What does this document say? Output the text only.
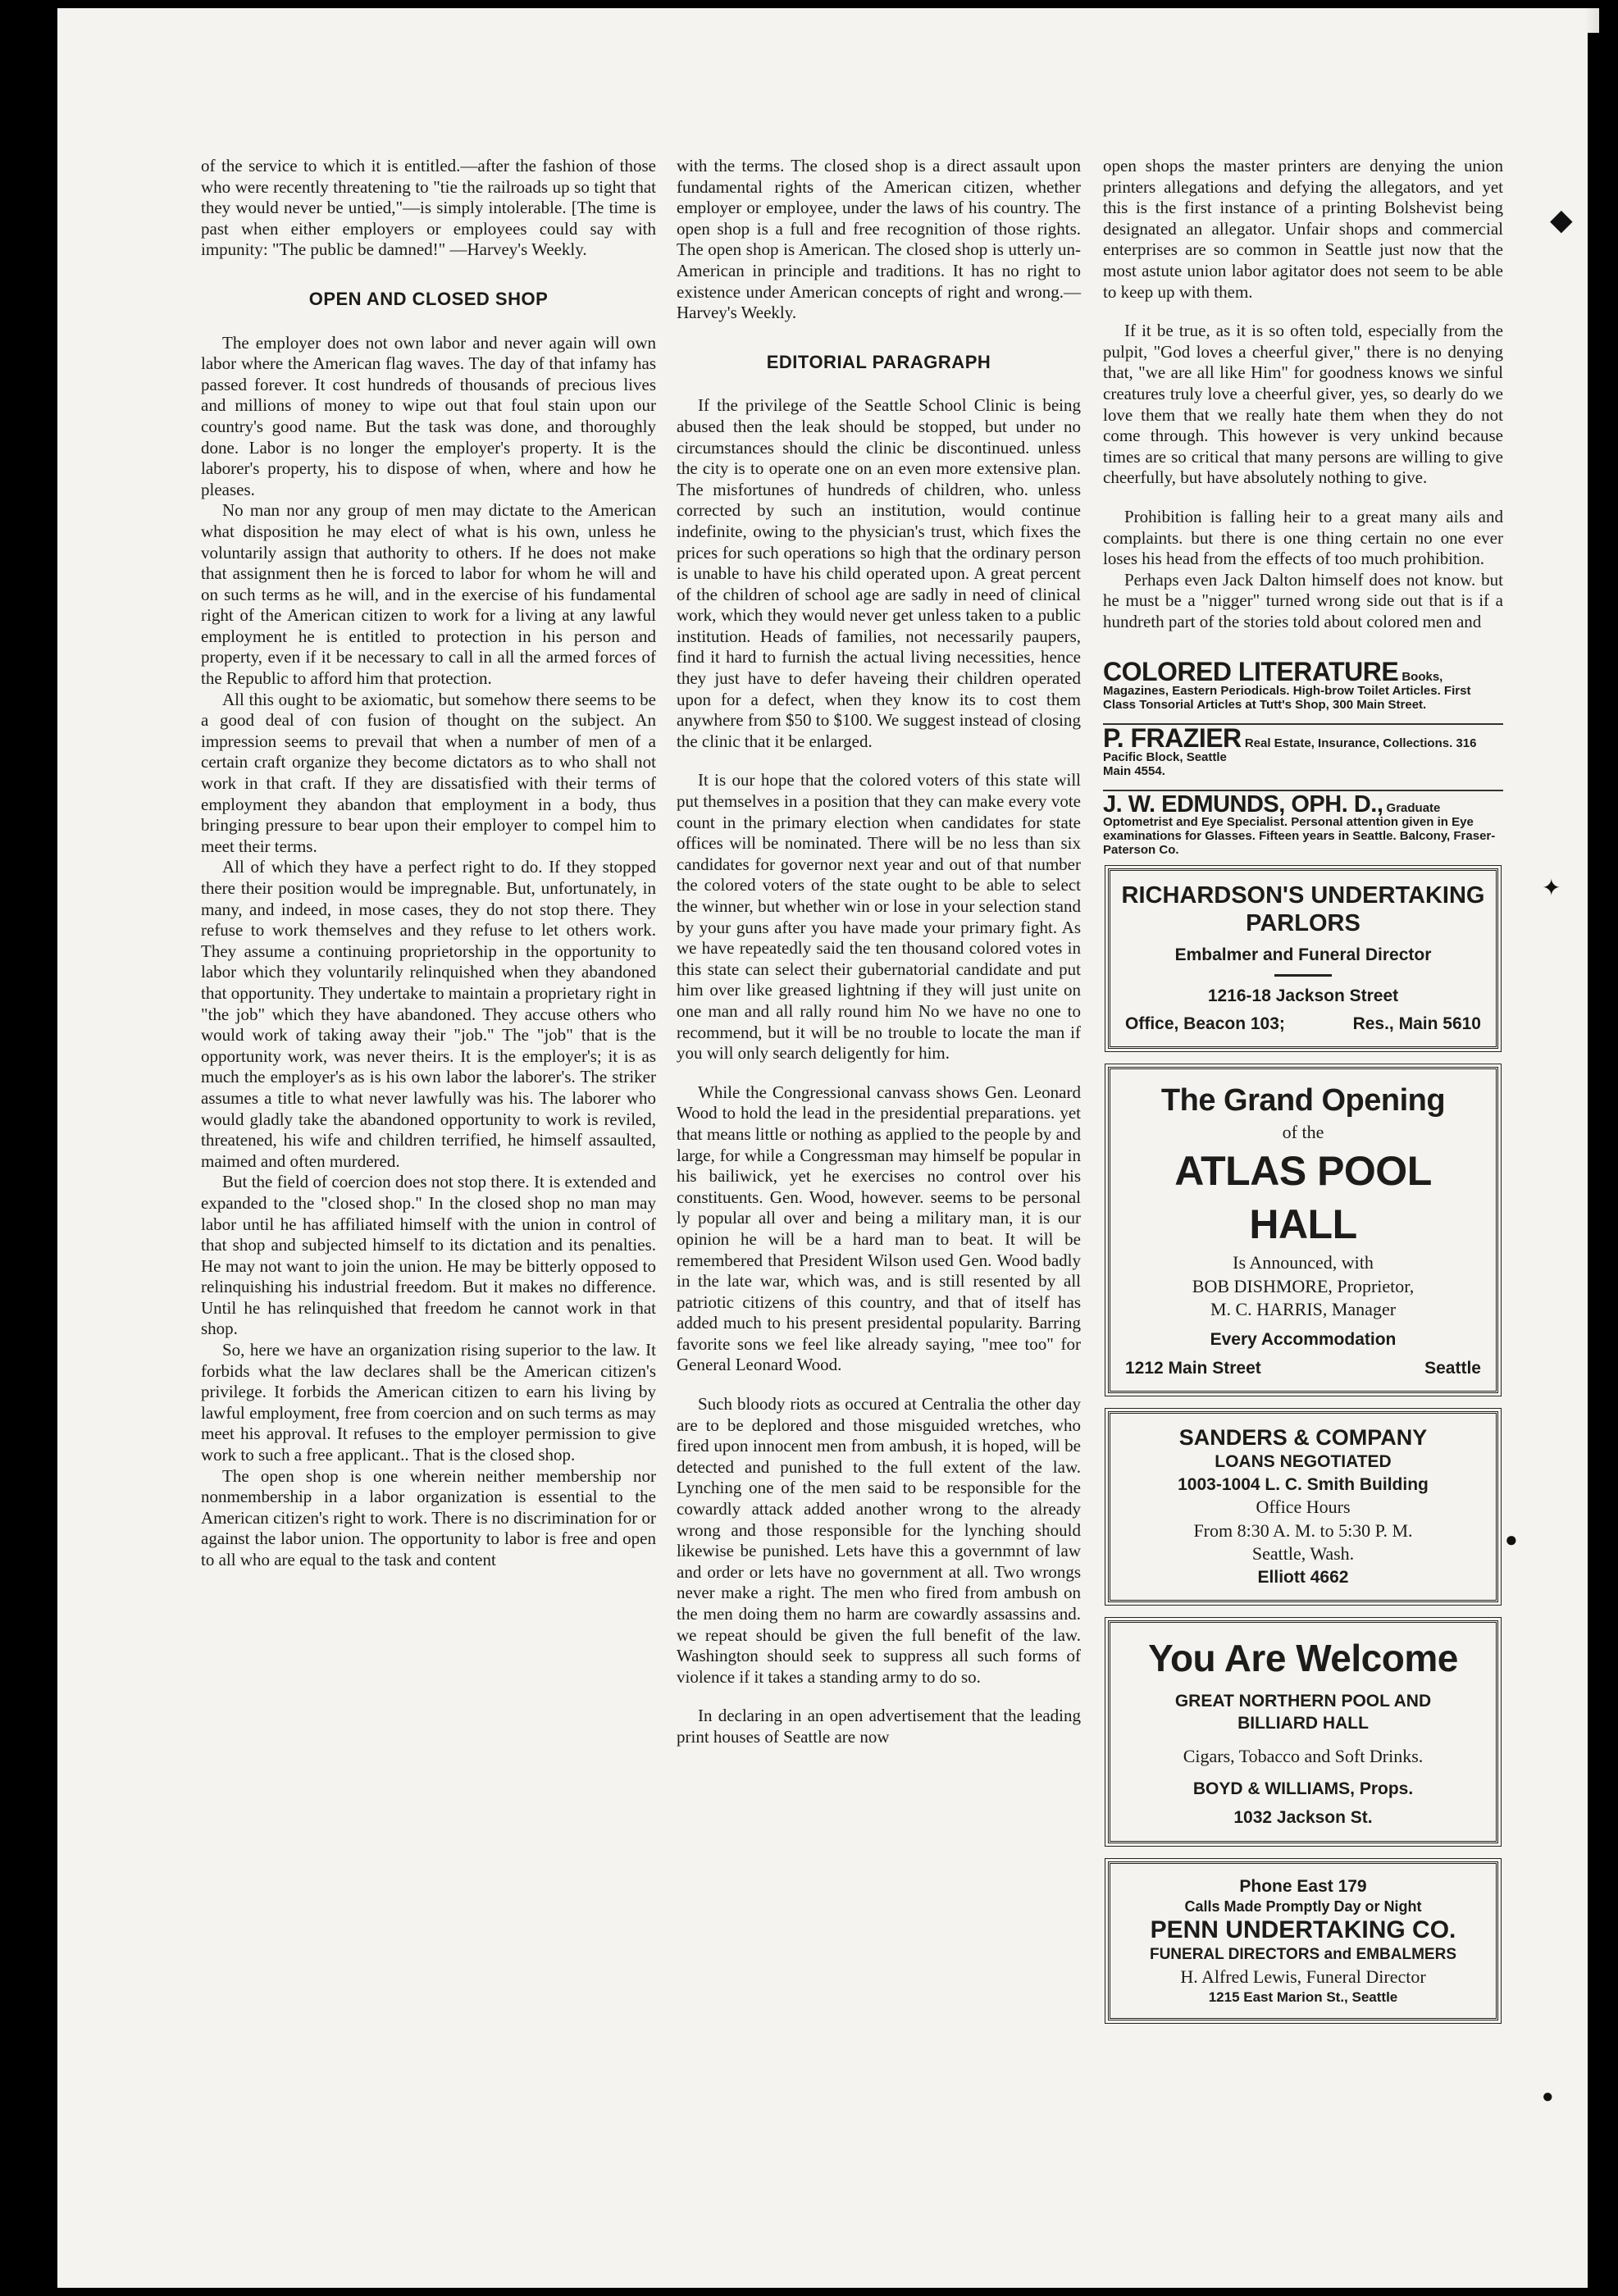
of the service to which it is entitled.—after the fashion of those who were recently threatening to "tie the railroads up so tight that they would never be untied,"—is simply intolerable. [The time is past when either employers or employees could say with impunity: "The public be damned!" —Harvey's Weekly.

OPEN AND CLOSED SHOP

The employer does not own labor and never again will own labor where the American flag waves. The day of that infamy has passed forever. It cost hundreds of thousands of precious lives and millions of money to wipe out that foul stain upon our country's good name. But the task was done, and thoroughly done. Labor is no longer the employer's property. It is the laborer's property, his to dispose of when, where and how he pleases.

No man nor any group of men may dictate to the American what disposition he may elect of what is his own, unless he voluntarily assign that authority to others. If he does not make that assignment then he is forced to labor for whom he will and on such terms as he will, and in the exercise of his fundamental right of the American citizen to work for a living at any lawful employment he is entitled to protection in his person and property, even if it be necessary to call in all the armed forces of the Republic to afford him that protection.

All this ought to be axiomatic, but somehow there seems to be a good deal of con fusion of thought on the subject. An impression seems to prevail that when a number of men of a certain craft organize they become dictators as to who shall not work in that craft. If they are dissatisfied with their terms of employment they abandon that employment in a body, thus bringing pressure to bear upon their employer to compel him to meet their terms.

All of which they have a perfect right to do. If they stopped there their position would be impregnable. But, unfortunately, in many, and indeed, in mose cases, they do not stop there. They refuse to work themselves and they refuse to let others work. They assume a continuing proprietorship in the opportunity to labor which they voluntarily relinquished when they abandoned that opportunity. They undertake to maintain a proprietary right in "the job" which they have abandoned. They accuse others who would work of taking away their "job." The "job" that is the opportunity work, was never theirs. It is the employer's; it is as much the employer's as is his own labor the laborer's. The striker assumes a title to what never lawfully was his. The laborer who would gladly take the abandoned opportunity to work is reviled, threatened, his wife and children terrified, he himself assaulted, maimed and often murdered.

But the field of coercion does not stop there. It is extended and expanded to the "closed shop." In the closed shop no man may labor until he has affiliated himself with the union in control of that shop and subjected himself to its dictation and its penalties. He may not want to join the union. He may be bitterly opposed to relinquishing his industrial freedom. But it makes no difference. Until he has relinquished that freedom he cannot work in that shop.

So, here we have an organization rising superior to the law. It forbids what the law declares shall be the American citizen's privilege. It forbids the American citizen to earn his living by lawful employment, free from coercion and on such terms as may meet his approval. It refuses to the employer permission to give work to such a free applicant.. That is the closed shop.

The open shop is one wherein neither membership nor nonmembership in a labor organization is essential to the American citizen's right to work. There is no discrimination for or against the labor union. The opportunity to labor is free and open to all who are equal to the task and content

with the terms. The closed shop is a direct assault upon fundamental rights of the American citizen, whether employer or employee, under the laws of his country. The open shop is a full and free recognition of those rights. The open shop is American. The closed shop is utterly un-American in principle and traditions. It has no right to existence under American concepts of right and wrong.—Harvey's Weekly.

EDITORIAL PARAGRAPH

If the privilege of the Seattle School Clinic is being abused then the leak should be stopped, but under no circumstances should the clinic be discontinued. unless the city is to operate one on an even more extensive plan. The misfortunes of hundreds of children, who. unless corrected by such an institution, would continue indefinite, owing to the physician's trust, which fixes the prices for such operations so high that the ordinary person is unable to have his child operated upon. A great percent of the children of school age are sadly in need of clinical work, which they would never get unless taken to a public institution. Heads of families, not necessarily paupers, find it hard to furnish the actual living necessities, hence they just have to defer haveing their children operated upon for a defect, when they know its to cost them anywhere from $50 to $100. We suggest instead of closing the clinic that it be enlarged.

It is our hope that the colored voters of this state will put themselves in a position that they can make every vote count in the primary election when candidates for state offices will be nominated. There will be no less than six candidates for governor next year and out of that number the colored voters of the state ought to be able to select the winner, but whether win or lose in your selection stand by your guns after you have made your primary fight. As we have repeatedly said the ten thousand colored votes in this state can select their gubernatorial candidate and put him over like greased lightning if they will just unite on one man and all rally round him No we have no one to recommend, but it will be no trouble to locate the man if you will only search deligently for him.

While the Congressional canvass shows Gen. Leonard Wood to hold the lead in the presidential preparations. yet that means little or nothing as applied to the people by and large, for while a Congressman may himself be popular in his bailiwick, yet he exercises no control over his constituents. Gen. Wood, however. seems to be personal ly popular all over and being a military man, it is our opinion he will be a hard man to beat. It will be remembered that President Wilson used Gen. Wood badly in the late war, which was, and is still resented by all patriotic citizens of this country, and that of itself has added much to his present presidental popularity. Barring favorite sons we feel like already saying, "mee too" for General Leonard Wood.

Such bloody riots as occured at Centralia the other day are to be deplored and those misguided wretches, who fired upon innocent men from ambush, it is hoped, will be detected and punished to the full extent of the law. Lynching one of the men said to be responsible for the cowardly attack added another wrong to the already wrong and those responsible for the lynching should likewise be punished. Lets have this a governmnt of law and order or lets have no government at all. Two wrongs never make a right. The men who fired from ambush on the men doing them no harm are cowardly assassins and. we repeat should be given the full benefit of the law. Washington should seek to suppress all such forms of violence if it takes a standing army to do so.

In declaring in an open advertisement that the leading print houses of Seattle are now

open shops the master printers are denying the union printers allegations and defying the allegators, and yet this is the first instance of a printing Bolshevist being designated an allegator. Unfair shops and commercial enterprises are so common in Seattle just now that the most astute union labor agitator does not seem to be able to keep up with them.

If it be true, as it is so often told, especially from the pulpit, "God loves a cheerful giver," there is no denying that, "we are all like Him" for goodness knows we sinful creatures truly love a cheerful giver, yes, so dearly do we love them that we really hate them when they do not come through. This however is very unkind because times are so critical that many persons are willing to give cheerfully, but have absolutely nothing to give.

Prohibition is falling heir to a great many ails and complaints. but there is one thing certain no one ever loses his head from the effects of too much prohibition.

Perhaps even Jack Dalton himself does not know. but he must be a "nigger" turned wrong side out that is if a hundreth part of the stories told about colored men and

COLORED LITERATURE Books, Magazines, Eastern Periodicals. High-brow Toilet Articles. First Class Tonsorial Articles at Tutt's Shop, 300 Main Street.
P. FRAZIER Real Estate, Insurance, Collections. 316 Pacific Block, Seattle
Main 4554.
J. W. EDMUNDS, OPH. D., Graduate Optometrist and Eye Specialist. Personal attention given in Eye examinations for Glasses. Fifteen years in Seattle. Balcony, Fraser-Paterson Co.
RICHARDSON'S UNDERTAKING
PARLORS
Embalmer and Funeral Director
1216-18 Jackson Street
Office, Beacon 103;	Res., Main 5610
The Grand Opening
of the
ATLAS POOL HALL
Is Announced, with
BOB DISHMORE, Proprietor,
M. C. HARRIS, Manager
Every Accommodation
1212 Main Street	Seattle
SANDERS & COMPANY
LOANS NEGOTIATED
1003-1004 L. C. Smith Building
Office Hours
From 8:30 A. M. to 5:30 P. M.
Seattle, Wash.
Elliott 4662
You Are Welcome
GREAT NORTHERN POOL AND
BILLIARD HALL
Cigars, Tobacco and Soft Drinks.
BOYD & WILLIAMS, Props.
1032 Jackson St.
Phone East 179
Calls Made Promptly Day or Night
PENN UNDERTAKING CO.
FUNERAL DIRECTORS and EMBALMERS
H. Alfred Lewis, Funeral Director
1215 East Marion St., Seattle
◆
✦
●
●
